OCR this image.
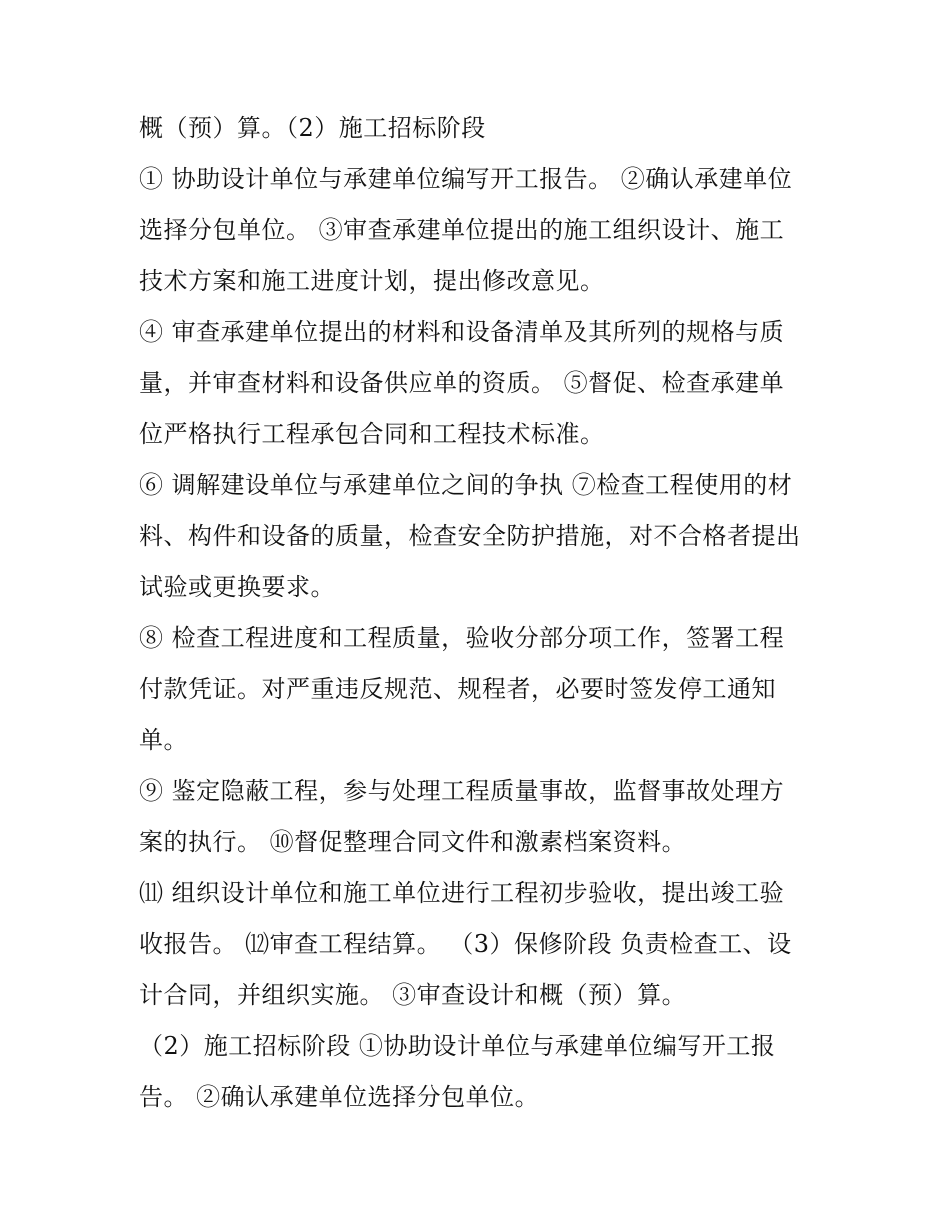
概（预）算。（2）施工招标阶段
① 协助设计单位与承建单位编写开工报告。 ②确认承建单位
选择分包单位。 ③审查承建单位提出的施工组织设计、施工
技术方案和施工进度计划，提出修改意见。
④ 审查承建单位提出的材料和设备清单及其所列的规格与质
量，并审查材料和设备供应单的资质。 ⑤督促、检查承建单
位严格执行工程承包合同和工程技术标准。
⑥ 调解建设单位与承建单位之间的争执 ⑦检查工程使用的材
料、构件和设备的质量，检查安全防护措施，对不合格者提出
试验或更换要求。
⑧ 检查工程进度和工程质量，验收分部分项工作，签署工程
付款凭证。对严重违反规范、规程者，必要时签发停工通知
单。
⑨ 鉴定隐蔽工程，参与处理工程质量事故，监督事故处理方
案的执行。 ⑩督促整理合同文件和激素档案资料。
⑾ 组织设计单位和施工单位进行工程初步验收，提出竣工验
收报告。 ⑿审查工程结算。 （3）保修阶段 负责检查工、设
计合同，并组织实施。 ③审查设计和概（预）算。
（2）施工招标阶段 ①协助设计单位与承建单位编写开工报
告。 ②确认承建单位选择分包单位。
